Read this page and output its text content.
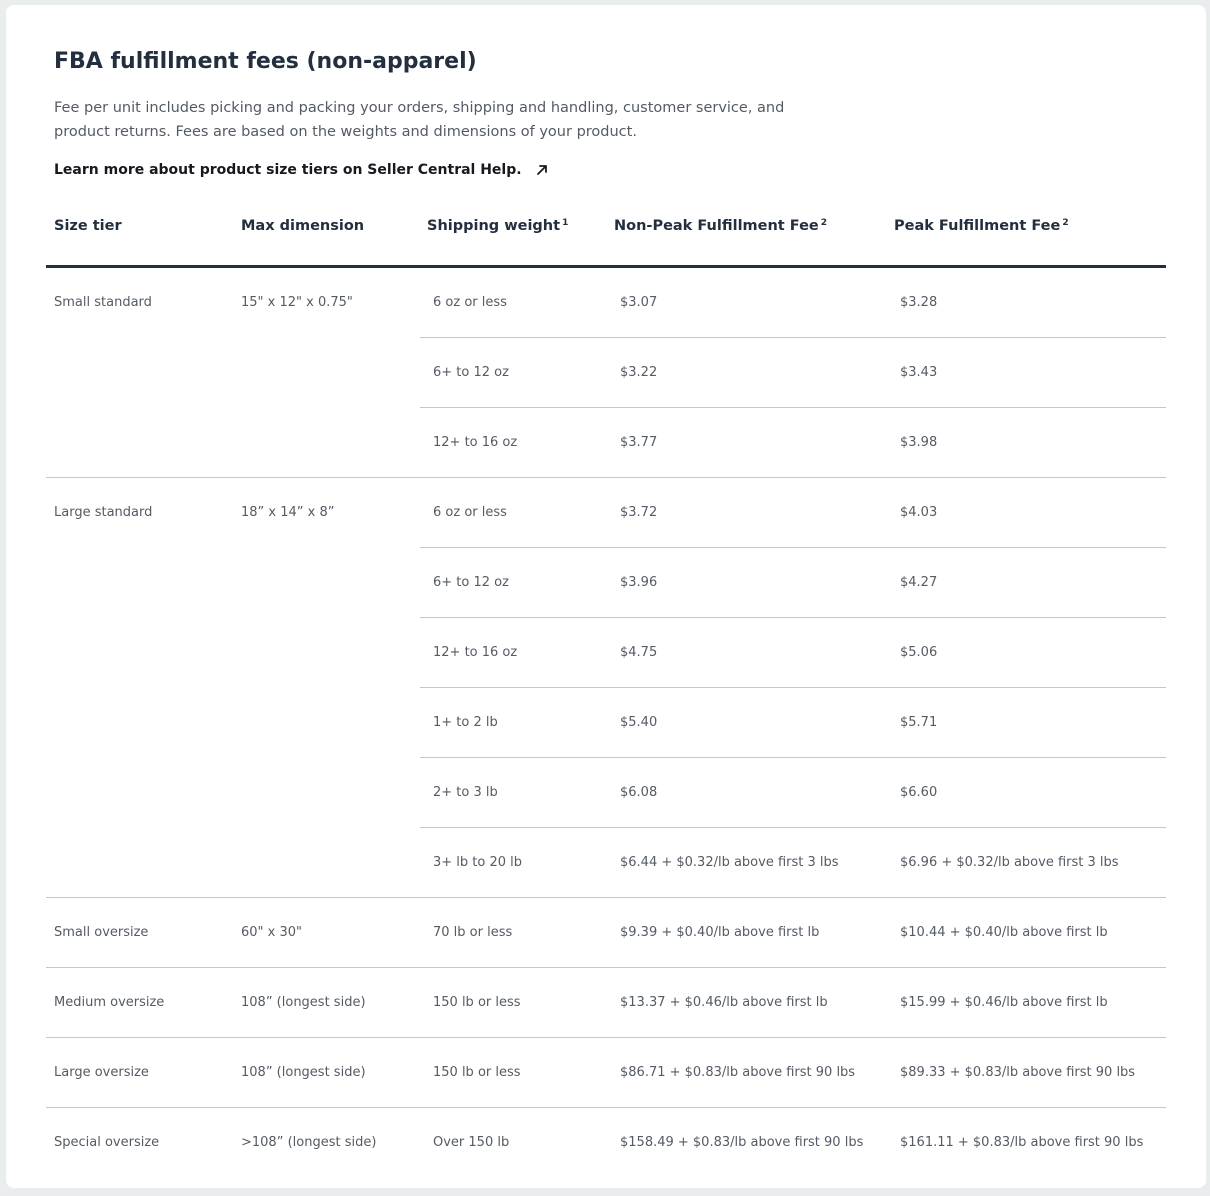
FBA fulfillment fees (non-apparel)

Fee per unit includes picking and packing your orders, shipping and handling, customer service, and product returns. Fees are based on the weights and dimensions of your product.

Learn more about product size tiers on Seller Central Help.
Size tier	Max dimension	Shipping weight $^1$	Non-Peak Fulfillment Fee $^2$	Peak Fulfillment Fee $^2$
Small standard	15" x 12" x 0.75"	6 oz or less	$3.07	$3.28
6+ to 12 oz	$3.22	$3.43
12+ to 16 oz	$3.77	$3.98
Large standard	18” x 14” x 8”	6 oz or less	$3.72	$4.03
6+ to 12 oz	$3.96	$4.27
12+ to 16 oz	$4.75	$5.06
1+ to 2 lb	$5.40	$5.71
2+ to 3 lb	$6.08	$6.60
3+ lb to 20 lb	$6.44 + $0.32/lb above first 3 lbs	$6.96 + $0.32/lb above first 3 lbs
Small oversize	60" x 30"	70 lb or less	$9.39 + $0.40/lb above first lb	$10.44 + $0.40/lb above first lb
Medium oversize	108” (longest side)	150 lb or less	$13.37 + $0.46/lb above first lb	$15.99 + $0.46/lb above first lb
Large oversize	108” (longest side)	150 lb or less	$86.71 + $0.83/lb above first 90 lbs	$89.33 + $0.83/lb above first 90 lbs
Special oversize	>108” (longest side)	Over 150 lb	$158.49 + $0.83/lb above first 90 lbs	$161.11 + $0.83/lb above first 90 lbs
